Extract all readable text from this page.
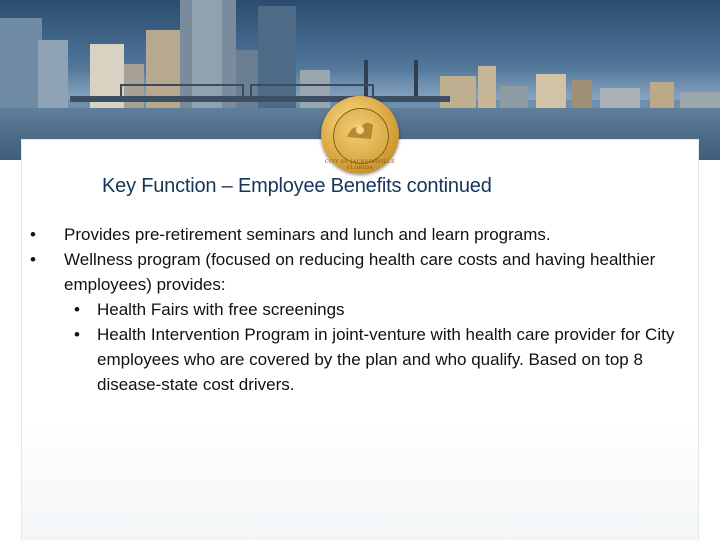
CITY OF JACKSONVILLE FLORIDA
Key Function – Employee Benefits continued
• Provides pre-retirement seminars and lunch and learn programs.
• Wellness program (focused on reducing health care costs and having healthier employees) provides:
• Health Fairs with free screenings
• Health Intervention Program in joint-venture with health care provider for City employees who are covered by the plan and who qualify. Based on top 8 disease-state cost drivers.
